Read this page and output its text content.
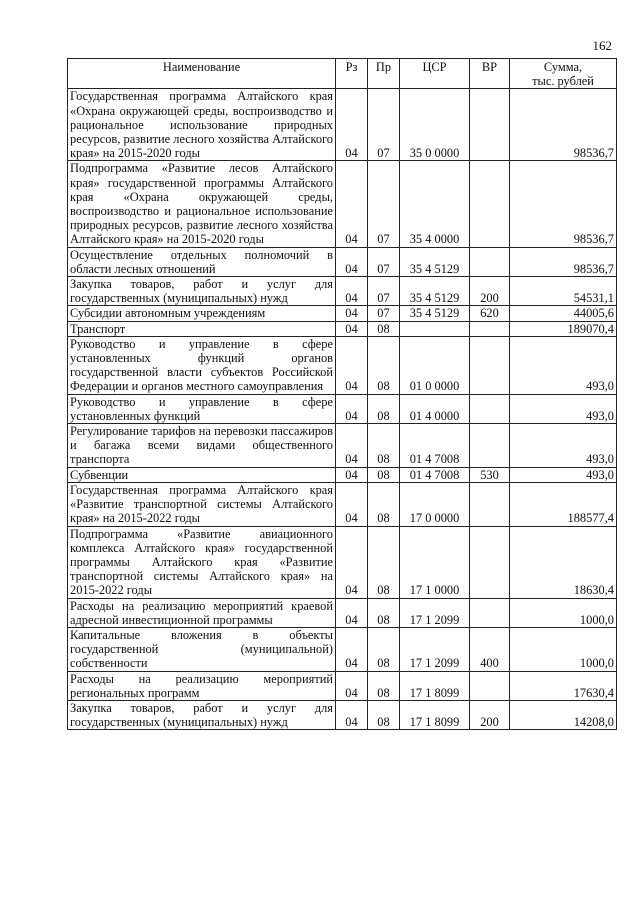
162
Наименование	Рз	Пр	ЦСР	ВР	Сумма,
тыс. рублей

Государственная программа Алтайского края «Охрана окружающей среды, воспроизводство и рациональное использование природных ресурсов, развитие лесного хозяйства Алтайского края» на 2015-2020 годы	04	07	35 0 0000		98536,7
Подпрограмма «Развитие лесов Алтайского края» государственной программы Алтайского края «Охрана окружающей среды, воспроизводство и рациональное использование природных ресурсов, развитие лесного хозяйства Алтайского края» на 2015-2020 годы	04	07	35 4 0000		98536,7
Осуществление отдельных полномочий в области лесных отношений	04	07	35 4 5129		98536,7
Закупка товаров, работ и услуг для государственных (муниципальных) нужд	04	07	35 4 5129	200	54531,1
Субсидии автономным учреждениям	04	07	35 4 5129	620	44005,6
Транспорт	04	08			189070,4
Руководство и управление в сфере установленных функций органов государственной власти субъектов Российской Федерации и органов местного самоуправления	04	08	01 0 0000		493,0
Руководство и управление в сфере установленных функций	04	08	01 4 0000		493,0
Регулирование тарифов на перевозки пассажиров и багажа всеми видами общественного транспорта	04	08	01 4 7008		493,0
Субвенции	04	08	01 4 7008	530	493,0
Государственная программа Алтайского края «Развитие транспортной системы Алтайского края» на 2015-2022 годы	04	08	17 0 0000		188577,4
Подпрограмма «Развитие авиационного комплекса Алтайского края» государственной программы Алтайского края «Развитие транспортной системы Алтайского края» на 2015-2022 годы	04	08	17 1 0000		18630,4
Расходы на реализацию мероприятий краевой адресной инвестиционной программы	04	08	17 1 2099		1000,0
Капитальные вложения в объекты государственной (муниципальной) собственности	04	08	17 1 2099	400	1000,0
Расходы на реализацию мероприятий региональных программ	04	08	17 1 8099		17630,4
Закупка товаров, работ и услуг для государственных (муниципальных) нужд	04	08	17 1 8099	200	14208,0
